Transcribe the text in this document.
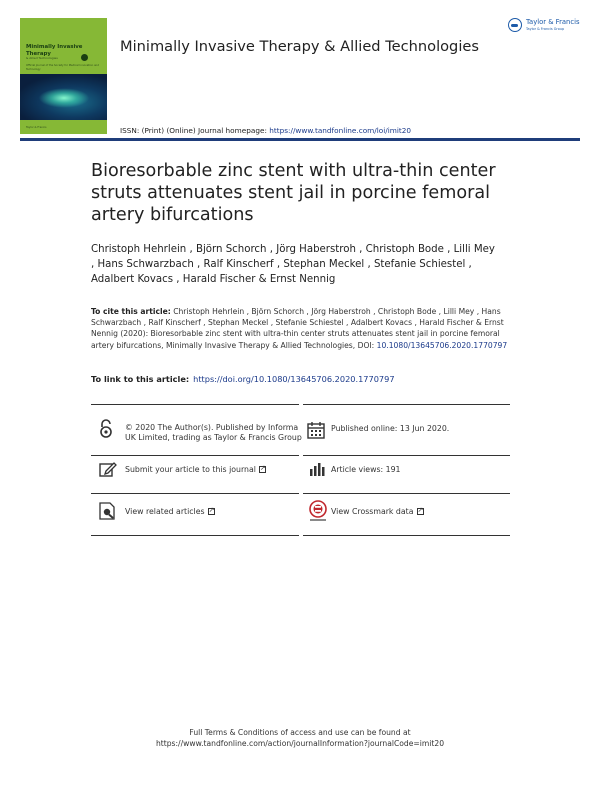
Minimally Invasive Therapy
& Allied Technologies
Official Journal of the Society for Medical Innovation and Technology
Taylor & Francis
Minimally Invasive Therapy & Allied Technologies
ISSN: (Print) (Online) Journal homepage: https://www.tandfonline.com/loi/imit20
Taylor & Francis
Taylor & Francis Group
Bioresorbable zinc stent with ultra-thin center struts attenuates stent jail in porcine femoral artery bifurcations
Christoph Hehrlein , Björn Schorch , Jörg Haberstroh , Christoph Bode , Lilli Mey , Hans Schwarzbach , Ralf Kinscherf , Stephan Meckel , Stefanie Schiestel , Adalbert Kovacs , Harald Fischer & Ernst Nennig
To cite this article: Christoph Hehrlein , Björn Schorch , Jörg Haberstroh , Christoph Bode , Lilli Mey , Hans Schwarzbach , Ralf Kinscherf , Stephan Meckel , Stefanie Schiestel , Adalbert Kovacs , Harald Fischer & Ernst Nennig (2020): Bioresorbable zinc stent with ultra-thin center struts attenuates stent jail in porcine femoral artery bifurcations, Minimally Invasive Therapy & Allied Technologies, DOI: 10.1080/13645706.2020.1770797
To link to this article: https://doi.org/10.1080/13645706.2020.1770797
© 2020 The Author(s). Published by Informa UK Limited, trading as Taylor & Francis Group
Published online: 13 Jun 2020.
Submit your article to this journal ↗	Article views: 191
View related articles ↗	View Crossmark data↗
Full Terms & Conditions of access and use can be found at
https://www.tandfonline.com/action/journalInformation?journalCode=imit20
